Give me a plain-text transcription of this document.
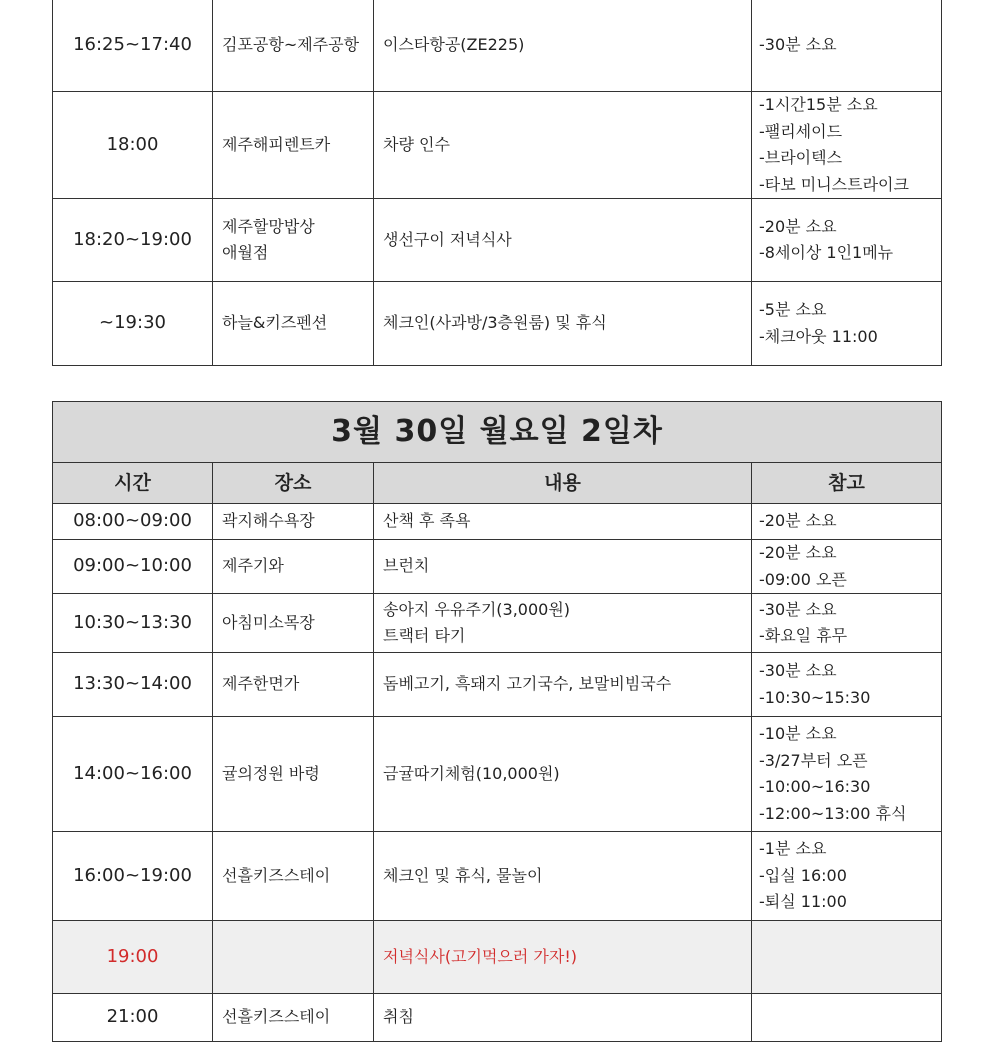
16:25~17:40	김포공항~제주공항	이스타항공(ZE225)	-30분 소요

18:00	제주해피렌트카	차량 인수	-1시간15분 소요
-팰리세이드
-브라이텍스
-타보 미니스트라이크

18:20~19:00	제주할망밥상
애월점	생선구이 저녁식사	-20분 소요
-8세이상 1인1메뉴

~19:30	하늘&키즈펜션	체크인(사과방/3층원룸) 및 휴식	-5분 소요
-체크아웃 11:00
3월 30일 월요일 2일차			
시간	장소	내용	참고
08:00~09:00	곽지해수욕장	산책 후 족욕	-20분 소요

09:00~10:00	제주기와	브런치	-20분 소요
-09:00 오픈

10:30~13:30	아침미소목장	송아지 우유주기(3,000원)
트랙터 타기	-30분 소요
-화요일 휴무

13:30~14:00	제주한면가	돔베고기, 흑돼지 고기국수, 보말비빔국수	-30분 소요
-10:30~15:30

14:00~16:00	귤의정원 바령	금귤따기체험(10,000원)	-10분 소요
-3/27부터 오픈
-10:00~16:30
-12:00~13:00 휴식

16:00~19:00	선흘키즈스테이	체크인 및 휴식, 물놀이	-1분 소요
-입실 16:00
-퇴실 11:00

19:00		저녁식사(고기먹으러 가자!)	

21:00	선흘키즈스테이	취침	
